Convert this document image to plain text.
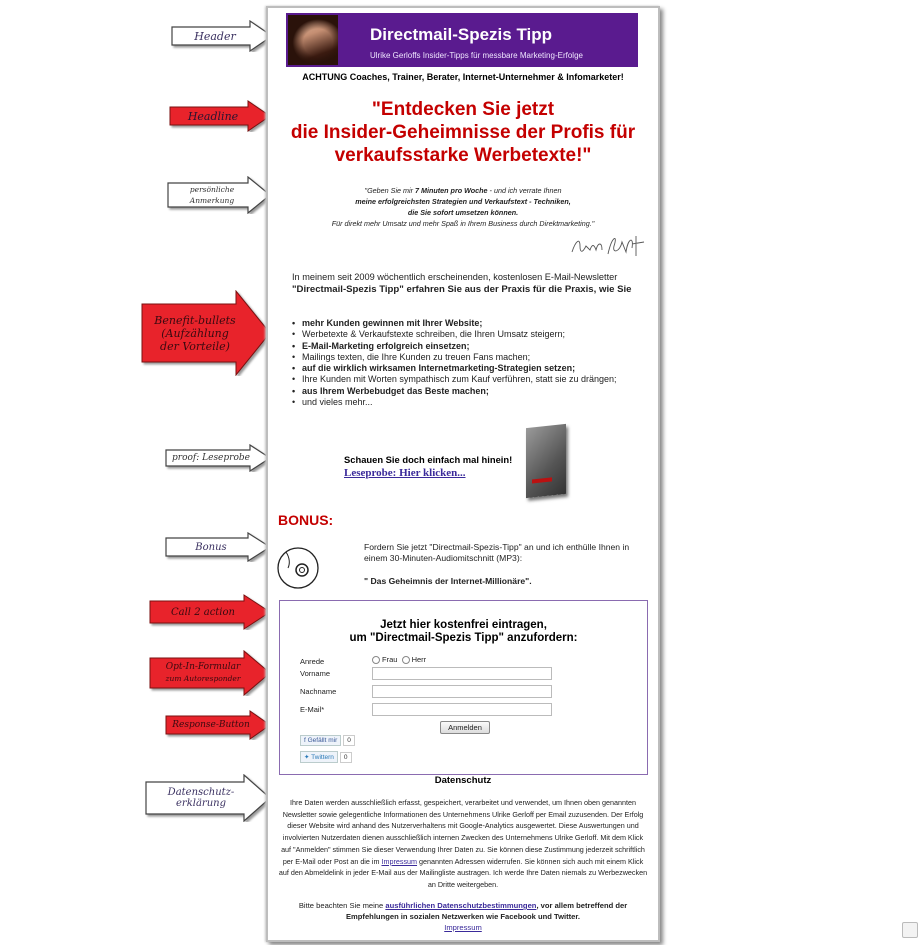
Header
Headline
persönliche
Anmerkung
Benefit-bullets
(Aufzählung
der Vorteile)
proof: Leseprobe
Bonus
Call 2 action
Opt-In-Formular
zum Autoresponder
Response-Button
Datenschutz-
erklärung
Directmail-Spezis Tipp
Ulrike Gerloffs Insider-Tipps für messbare Marketing-Erfolge
ACHTUNG Coaches, Trainer, Berater, Internet-Unternehmer & Infomarketer!
"Entdecken Sie jetzt
die Insider-Geheimnisse der Profis für
verkaufsstarke Werbetexte!"
"Geben Sie mir 7 Minuten pro Woche - und ich verrate Ihnen
meine erfolgreichsten Strategien und Verkaufstext - Techniken,
die Sie sofort umsetzen können.
Für direkt mehr Umsatz und mehr Spaß in Ihrem Business durch Direktmarketing."
In meinem seit 2009 wöchentlich erscheinenden, kostenlosen E-Mail-Newsletter
"Directmail-Spezis Tipp" erfahren Sie aus der Praxis für die Praxis, wie Sie
• mehr Kunden gewinnen mit Ihrer Website;
• Werbetexte & Verkaufstexte schreiben, die Ihren Umsatz steigern;
• E-Mail-Marketing erfolgreich einsetzen;
• Mailings texten, die Ihre Kunden zu treuen Fans machen;
• auf die wirklich wirksamen Internetmarketing-Strategien setzen;
• Ihre Kunden mit Worten sympathisch zum Kauf verführen, statt sie zu drängen;
• aus Ihrem Werbebudget das Beste machen;
• und vieles mehr...
Schauen Sie doch einfach mal hinein!
Leseprobe: Hier klicken...
BONUS:
Fordern Sie jetzt "Directmail-Spezis-Tipp" an und ich enthülle Ihnen in einem 30-Minuten-Audiomitschnitt (MP3):
" Das Geheimnis der Internet-Millionäre".
Jetzt hier kostenfrei eintragen,
um "Directmail-Spezis Tipp" anzufordern:
Anrede	Frau Herr
Vorname
Nachname
E-Mail*
Anmelden
f Gefällt mir 0
✦ Twittern 0
Datenschutz
Ihre Daten werden ausschließlich erfasst, gespeichert, verarbeitet und verwendet, um Ihnen oben genannten Newsletter sowie gelegentliche Informationen des Unternehmens Ulrike Gerloff per Email zuzusenden. Der Erfolg dieser Website wird anhand des Nutzerverhaltens mit Google-Analytics ausgewertet. Diese Auswertungen und involvierten Nutzerdaten dienen ausschließlich internen Zwecken des Unternehmens Ulrike Gerloff. Mit dem Klick auf "Anmelden" stimmen Sie dieser Verwendung Ihrer Daten zu. Sie können diese Zustimmung jederzeit schriftlich per E-Mail oder Post an die im Impressum genannten Adressen widerrufen. Sie können sich auch mit einem Klick auf den Abmeldelink in jeder E-Mail aus der Mailingliste austragen. Ich werde Ihre Daten niemals zu Werbezwecken an Dritte weitergeben.
Bitte beachten Sie meine ausführlichen Datenschutzbestimmungen, vor allem betreffend der Empfehlungen in sozialen Netzwerken wie Facebook und Twitter.
Impressum
